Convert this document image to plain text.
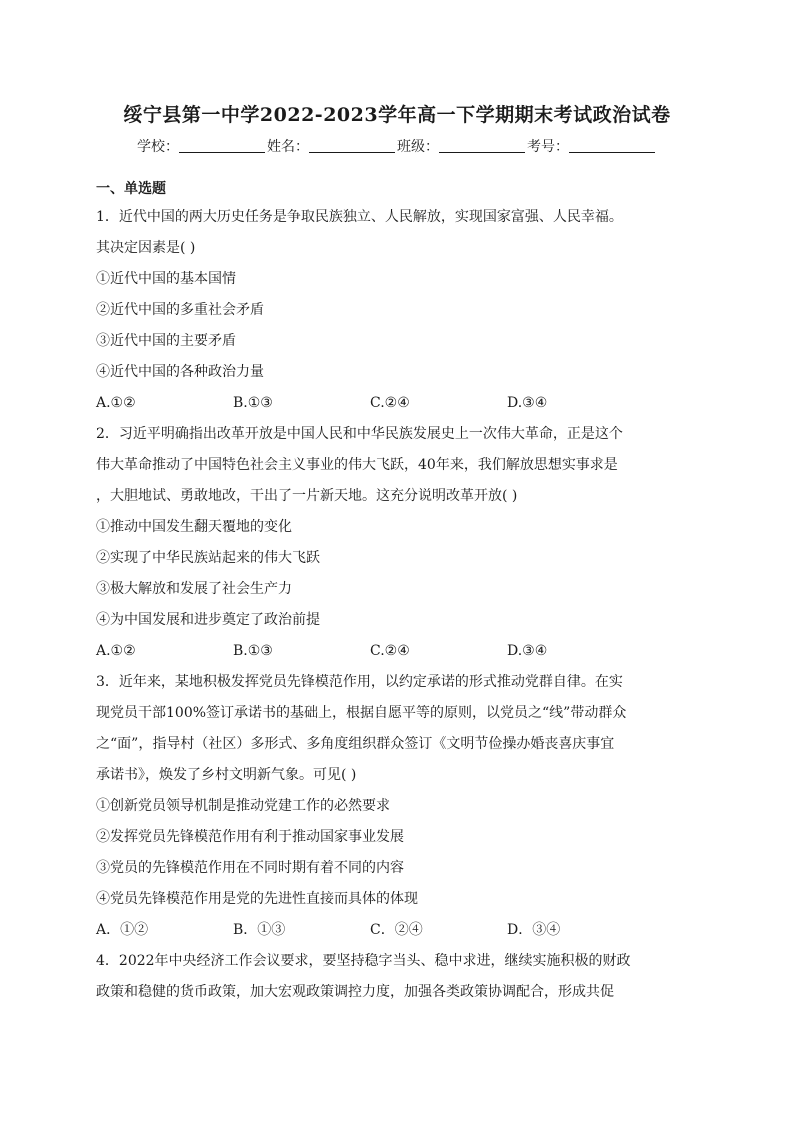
绥宁县第一中学2022-2023学年高一下学期期末考试政治试卷
学校：	姓名：	班级：	考号：
一、单选题
1．近代中国的两大历史任务是争取民族独立、人民解放，实现国家富强、人民幸福。
其决定因素是( )
①近代中国的基本国情
②近代中国的多重社会矛盾
③近代中国的主要矛盾
④近代中国的各种政治力量
A.①②	B.①③	C.②④	D.③④
2．习近平明确指出改革开放是中国人民和中华民族发展史上一次伟大革命，正是这个
伟大革命推动了中国特色社会主义事业的伟大飞跃，40年来，我们解放思想实事求是
，大胆地试、勇敢地改，干出了一片新天地。这充分说明改革开放( )
①推动中国发生翻天覆地的变化
②实现了中华民族站起来的伟大飞跃
③极大解放和发展了社会生产力
④为中国发展和进步奠定了政治前提
A.①②	B.①③	C.②④	D.③④
3．近年来，某地积极发挥党员先锋模范作用，以约定承诺的形式推动党群自律。在实
现党员干部100%签订承诺书的基础上，根据自愿平等的原则，以党员之“线”带动群众
之“面”，指导村（社区）多形式、多角度组织群众签订《文明节俭操办婚丧喜庆事宜
承诺书》，焕发了乡村文明新气象。可见( )
①创新党员领导机制是推动党建工作的必然要求
②发挥党员先锋模范作用有利于推动国家事业发展
③党员的先锋模范作用在不同时期有着不同的内容
④党员先锋模范作用是党的先进性直接而具体的体现
A．①②	B．①③	C．②④	D．③④
4．2022年中央经济工作会议要求，要坚持稳字当头、稳中求进，继续实施积极的财政
政策和稳健的货币政策，加大宏观政策调控力度，加强各类政策协调配合，形成共促
